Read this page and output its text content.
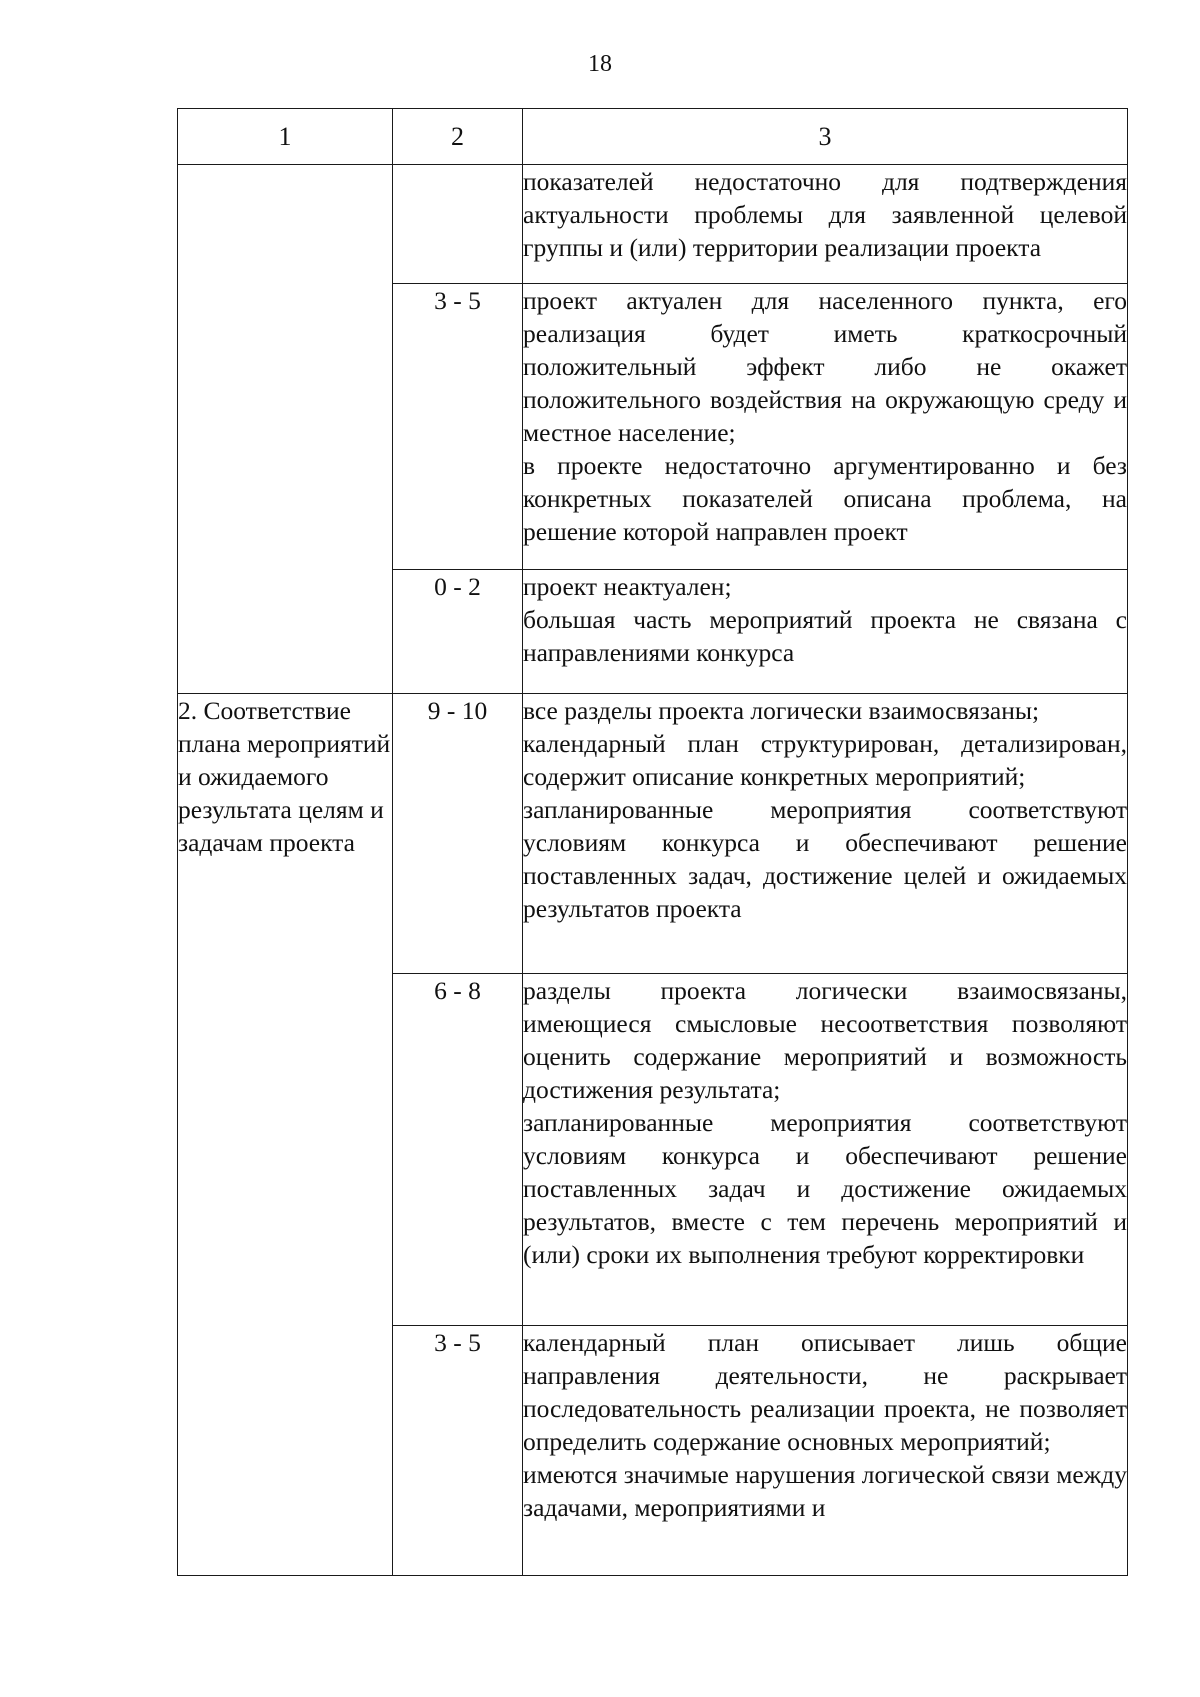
18
1	2	3

		показателей недостаточно для подтверждения актуальности проблемы для заявленной целевой группы и (или) территории реализации проекта

	3 - 5	проект актуален для населенного пункта, его реализация будет иметь краткосрочный положительный эффект либо не окажет положительного воздействия на окружающую среду и местное население;

в проекте недостаточно аргументированно и без конкретных показателей описана проблема, на решение которой направлен проект

	0 - 2	проект неактуален;

большая часть мероприятий проекта не связана с направлениями конкурса

2. Соответствие плана мероприятий и ожидаемого результата целям и задачам проекта	9 - 10	все разделы проекта логически взаимосвязаны;

календарный план структурирован, детализирован, содержит описание конкретных мероприятий;

запланированные мероприятия соответствуют условиям конкурса и обеспечивают решение поставленных задач, достижение целей и ожидаемых результатов проекта

	6 - 8	разделы проекта логически взаимосвязаны, имеющиеся смысловые несоответствия позволяют оценить содержание мероприятий и возможность достижения результата;

запланированные мероприятия соответствуют условиям конкурса и обеспечивают решение поставленных задач и достижение ожидаемых результатов, вместе с тем перечень мероприятий и (или) сроки их выполнения требуют корректировки

	3 - 5	календарный план описывает лишь общие направления деятельности, не раскрывает последовательность реализации проекта, не позволяет определить содержание основных мероприятий;

имеются значимые нарушения логической связи между задачами, мероприятиями и
